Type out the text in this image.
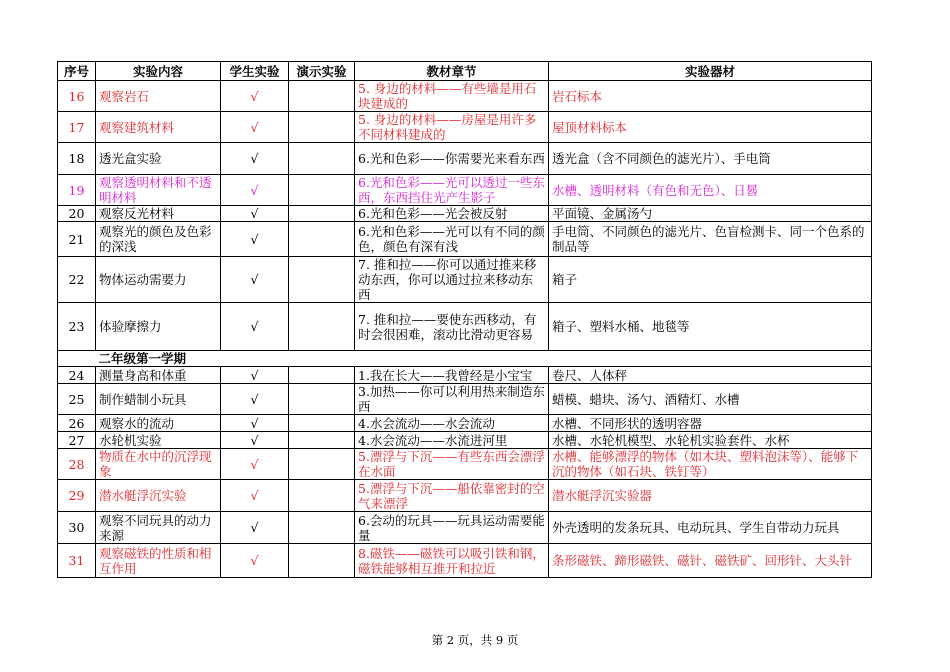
序号	实验内容	学生实验	演示实验	教材章节	实验器材
16	观察岩石	√		5. 身边的材料——有些墙是用石块建成的	岩石标本
17	观察建筑材料	√		5. 身边的材料——房屋是用许多不同材料建成的	屋顶材料标本
18	透光盒实验	√		6.光和色彩——你需要光来看东西	透光盒（含不同颜色的滤光片）、手电筒
19	观察透明材料和不透明材料	√		6.光和色彩——光可以透过一些东西，东西挡住光产生影子	水槽、透明材料（有色和无色）、日晷
20	观察反光材料	√		6.光和色彩——光会被反射	平面镜、金属汤勺
21	观察光的颜色及色彩的深浅	√		6.光和色彩——光可以有不同的颜色，颜色有深有浅	手电筒、不同颜色的滤光片、色盲检测卡、同一个色系的制品等
22	物体运动需要力	√		7. 推和拉——你可以通过推来移动东西，你可以通过拉来移动东西	箱子
23	体验摩擦力	√		7. 推和拉——要使东西移动，有时会很困难，滚动比滑动更容易	箱子、塑料水桶、地毯等
	二年级第一学期				
24	测量身高和体重	√		1.我在长大——我曾经是小宝宝	卷尺、人体秤
25	制作蜡制小玩具	√		3.加热——你可以利用热来制造东西	蜡模、蜡块、汤勺、酒精灯、水槽
26	观察水的流动	√		4.水会流动——水会流动	水槽、不同形状的透明容器
27	水轮机实验	√		4.水会流动——水流进河里	水槽、水轮机模型、水轮机实验套件、水杯
28	物质在水中的沉浮现象	√		5.漂浮与下沉——有些东西会漂浮在水面	水槽、能够漂浮的物体（如木块、塑料泡沫等）、能够下沉的物体（如石块、铁钉等）
29	潜水艇浮沉实验	√		5.漂浮与下沉——船依靠密封的空气来漂浮	潜水艇浮沉实验器
30	观察不同玩具的动力来源	√		6.会动的玩具——玩具运动需要能量	外壳透明的发条玩具、电动玩具、学生自带动力玩具
31	观察磁铁的性质和相互作用	√		8.磁铁——磁铁可以吸引铁和钢，磁铁能够相互推开和拉近	条形磁铁、蹄形磁铁、磁针、磁铁矿、回形针、大头针
第 2 页，共 9 页
